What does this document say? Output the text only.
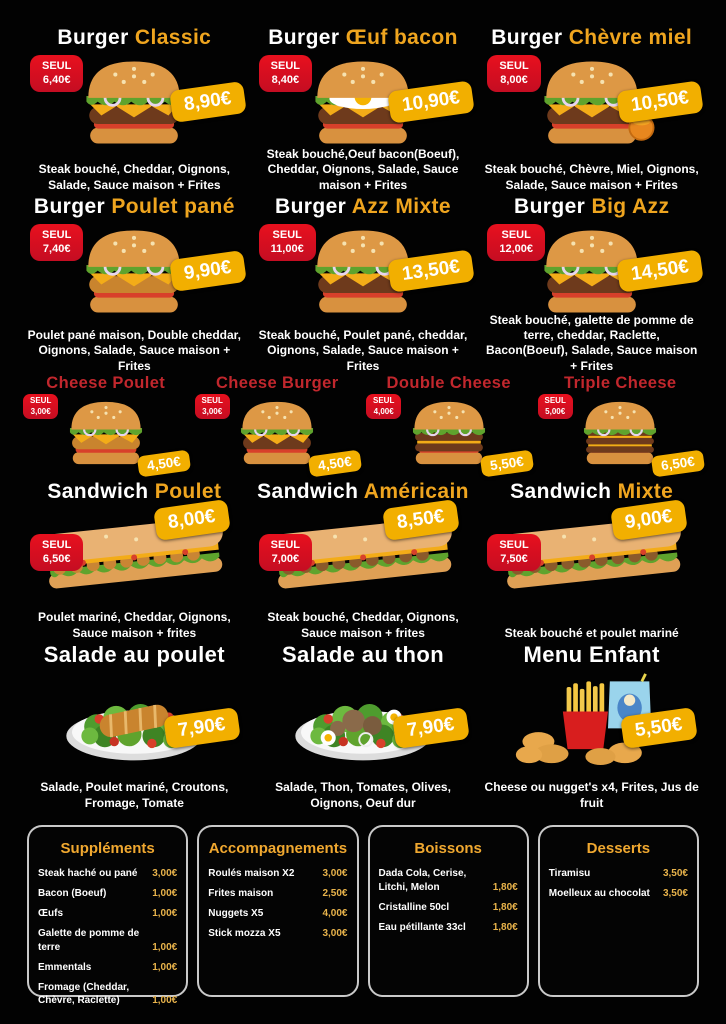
Burger Classic
SEUL
6,40€
8,90€

Steak bouché, Cheddar, Oignons, Salade, Sauce maison + Frites

Burger Œuf bacon
SEUL
8,40€
10,90€

Steak bouché,Oeuf bacon(Boeuf), Cheddar, Oignons, Salade, Sauce maison + Frites

Burger Chèvre miel
SEUL
8,00€
10,50€

Steak bouché, Chèvre, Miel, Oignons, Salade, Sauce maison + Frites

Burger Poulet pané
SEUL
7,40€
9,90€

Poulet pané maison, Double cheddar, Oignons, Salade, Sauce maison + Frites

Burger Azz Mixte
SEUL
11,00€
13,50€

Steak bouché, Poulet pané, cheddar, Oignons, Salade, Sauce maison + Frites

Burger Big Azz
SEUL
12,00€
14,50€

Steak bouché, galette de pomme de terre, cheddar, Raclette, Bacon(Boeuf), Salade, Sauce maison + Frites

Cheese Poulet
SEUL
3,00€
4,50€
Cheese Burger
SEUL
3,00€
4,50€
Double Cheese
SEUL
4,00€
5,50€
Triple Cheese
SEUL
5,00€
6,50€
Sandwich Poulet
SEUL
6,50€
8,00€

Poulet mariné, Cheddar, Oignons, Sauce maison + frites

Sandwich Américain
SEUL
7,00€
8,50€

Steak bouché, Cheddar, Oignons, Sauce maison + frites

Sandwich Mixte
SEUL
7,50€
9,00€

Steak bouché et poulet mariné

Salade au poulet
7,90€

Salade, Poulet mariné, Croutons, Fromage, Tomate

Salade au thon
7,90€

Salade, Thon, Tomates, Olives, Oignons, Oeuf dur

Menu Enfant
5,50€

Cheese ou nugget's x4, Frites, Jus de fruit

Suppléments
Steak haché ou pané 3,00€
Bacon (Boeuf)	1,00€
Œufs	1,00€
Galette de pomme de terre	1,00€
Emmentals	1,00€
Fromage (Cheddar, Chèvre, Raclette)	1,00€
Accompagnements
Roulés maison X2	3,00€
Frites maison	2,50€
Nuggets X5	4,00€
Stick mozza X5	3,00€
Boissons
Dada Cola, Cerise, Litchi, Melon	1,80€
Cristalline 50cl	1,80€
Eau pétillante 33cl	1,80€
Desserts
Tiramisu	3,50€
Moelleux au chocolat 3,50€
